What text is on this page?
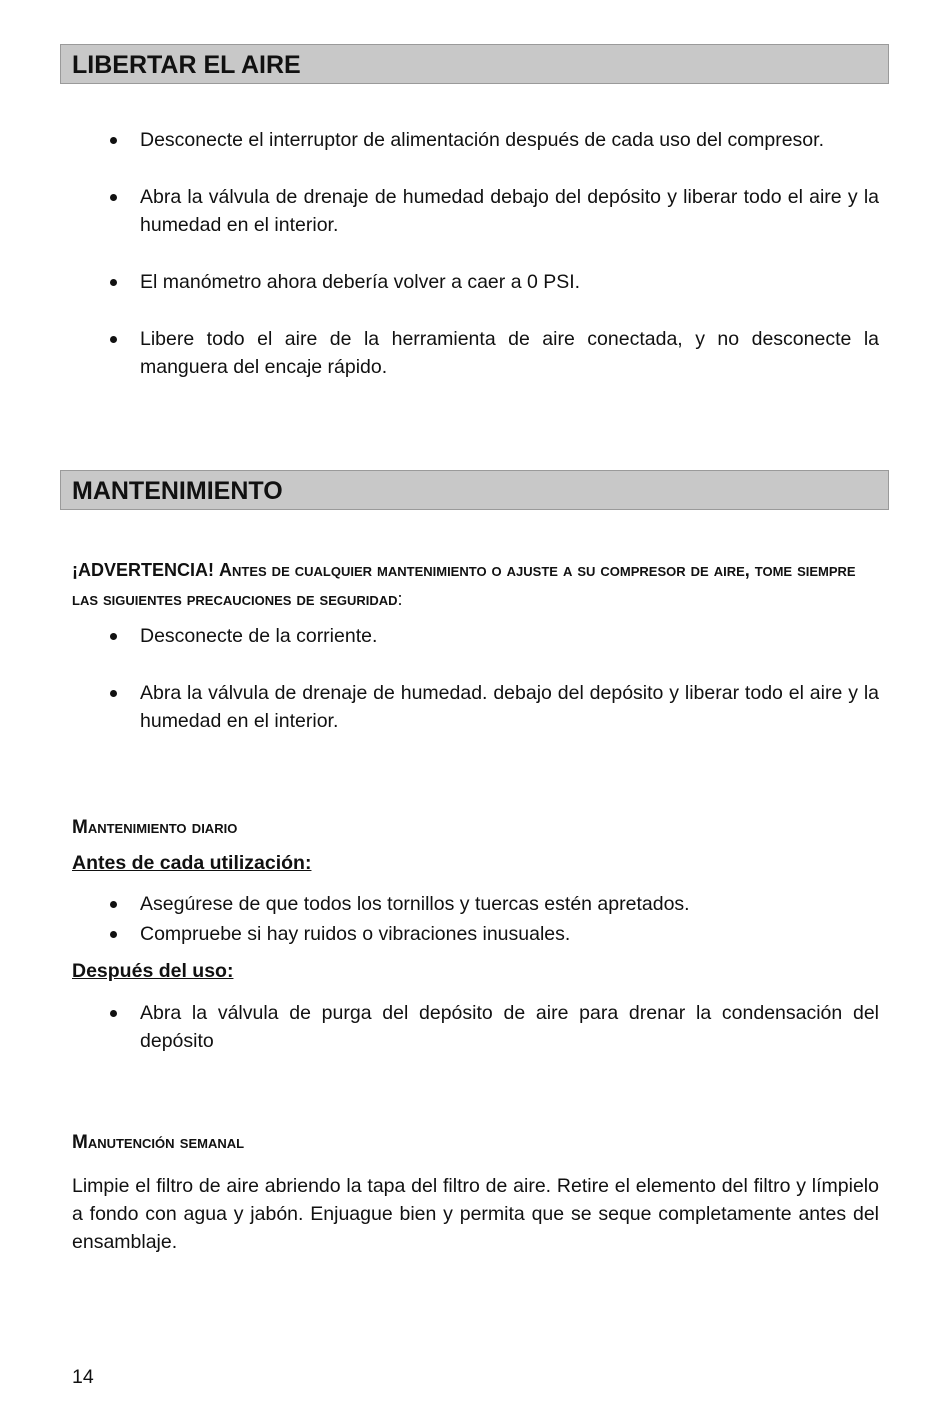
LIBERTAR EL AIRE
Desconecte el interruptor de alimentación después de cada uso del compresor.
Abra la válvula de drenaje de humedad debajo del depósito y liberar todo el aire y la humedad en el interior.
El manómetro ahora debería volver a caer a 0 PSI.
Libere todo el aire de la herramienta de aire conectada, y no desconecte la manguera del encaje rápido.
MANTENIMIENTO
¡ADVERTENCIA! Antes de cualquier mantenimiento o ajuste a su compresor de aire, tome siempre las siguientes precauciones de seguridad:
Desconecte de la corriente.
Abra la válvula de drenaje de humedad. debajo del depósito y liberar todo el aire y la humedad en el interior.
Mantenimiento diario
Antes de cada utilización:
Asegúrese de que todos los tornillos y tuercas estén apretados.
Compruebe si hay ruidos o vibraciones inusuales.
Después del uso:
Abra la válvula de purga del depósito de aire para drenar la condensación del depósito
Manutención semanal
Limpie el filtro de aire abriendo la tapa del filtro de aire. Retire el elemento del filtro y límpielo a fondo con agua y jabón. Enjuague bien y permita que se seque completamente antes del ensamblaje.
14
